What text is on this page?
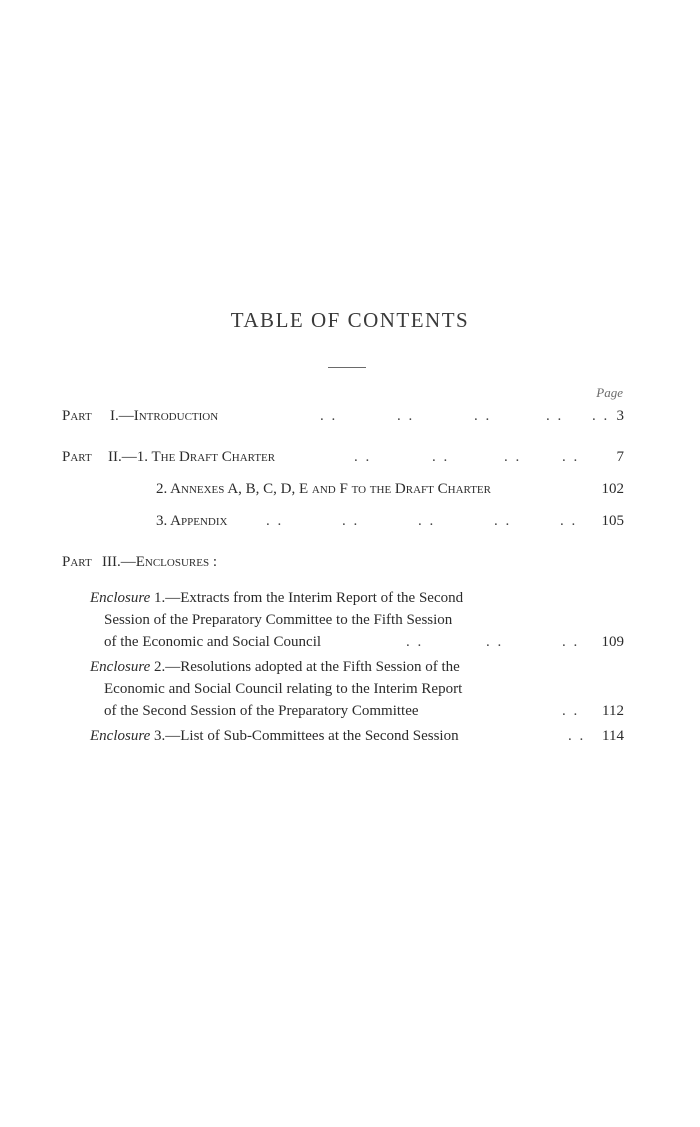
TABLE OF CONTENTS
Page
Part I.—Introduction	. .	. .	. .	. . . . 3
Part II.—1. The Draft Charter	. .	. .	. .	. . 7
2. Annexes A, B, C, D, E and F to the Draft Charter	102
3. Appendix	. .	. .	. .	. .	. . 105
Part III.—Enclosures :
Enclosure 1.—Extracts from the Interim Report of the Second
Session of the Preparatory Committee to the Fifth Session
of the Economic and Social Council	. .	. .	. . 109
Enclosure 2.—Resolutions adopted at the Fifth Session of the
Economic and Social Council relating to the Interim Report
of the Second Session of the Preparatory Committee	. . 112
Enclosure 3.—List of Sub-Committees at the Second Session	. . 114
